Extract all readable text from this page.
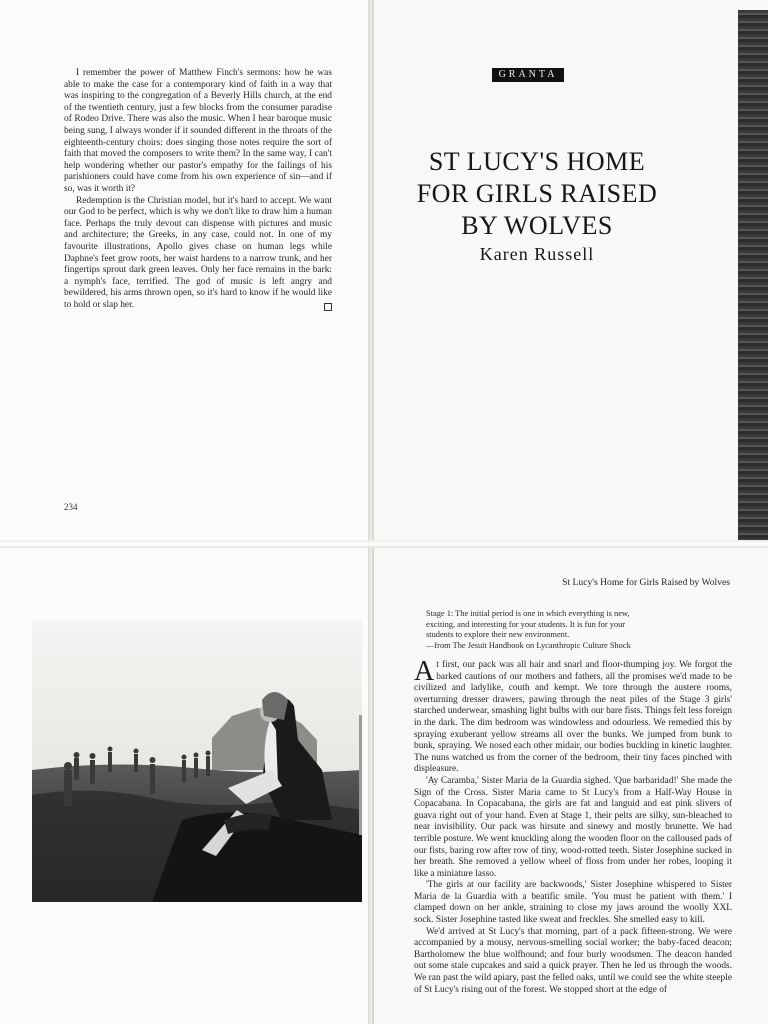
I remember the power of Matthew Finch's sermons: how he was able to make the case for a contemporary kind of faith in a way that was inspiring to the congregation of a Beverly Hills church, at the end of the twentieth century, just a few blocks from the consumer paradise of Rodeo Drive. There was also the music. When I hear baroque music being sung, I always wonder if it sounded different in the throats of the eighteenth-century choirs: does singing those notes require the sort of faith that moved the composers to write them? In the same way, I can't help wondering whether our pastor's empathy for the failings of his parishioners could have come from his own experience of sin—and if so, was it worth it?

Redemption is the Christian model, but it's hard to accept. We want our God to be perfect, which is why we don't like to draw him a human face. Perhaps the truly devout can dispense with pictures and music and architecture; the Greeks, in any case, could not. In one of my favourite illustrations, Apollo gives chase on human legs while Daphne's feet grow roots, her waist hardens to a narrow trunk, and her fingertips sprout dark green leaves. Only her face remains in the bark: a nymph's face, terrified. The god of music is left angry and bewildered, his arms thrown open, so it's hard to know if he would like to hold or slap her.

234
GRANTA
ST LUCY'S HOME
FOR GIRLS RAISED
BY WOLVES
Karen Russell
St Lucy's Home for Girls Raised by Wolves
Stage 1: The initial period is one in which everything is new,
exciting, and interesting for your students. It is fun for your
students to explore their new environment.
—from The Jesuit Handbook on Lycanthropic Culture Shock

At first, our pack was all hair and snarl and floor-thumping joy. We forgot the barked cautions of our mothers and fathers, all the promises we'd made to be civilized and ladylike, couth and kempt. We tore through the austere rooms, overturning dresser drawers, pawing through the neat piles of the Stage 3 girls' starched underwear, smashing light bulbs with our bare fists. Things felt less foreign in the dark. The dim bedroom was windowless and odourless. We remedied this by spraying exuberant yellow streams all over the bunks. We jumped from bunk to bunk, spraying. We nosed each other midair, our bodies buckling in kinetic laughter. The nuns watched us from the corner of the bedroom, their tiny faces pinched with displeasure.

'Ay Caramba,' Sister Maria de la Guardia sighed. 'Que barbaridad!' She made the Sign of the Cross. Sister Maria came to St Lucy's from a Half-Way House in Copacabana. In Copacabana, the girls are fat and languid and eat pink slivers of guava right out of your hand. Even at Stage 1, their pelts are silky, sun-bleached to near invisibility. Our pack was hirsute and sinewy and mostly brunette. We had terrible posture. We went knuckling along the wooden floor on the calloused pads of our fists, baring row after row of tiny, wood-rotted teeth. Sister Josephine sucked in her breath. She removed a yellow wheel of floss from under her robes, looping it like a miniature lasso.

'The girls at our facility are backwoods,' Sister Josephine whispered to Sister Maria de la Guardia with a beatific smile. 'You must be patient with them.' I clamped down on her ankle, straining to close my jaws around the woolly XXL sock. Sister Josephine tasted like sweat and freckles. She smelled easy to kill.

We'd arrived at St Lucy's that morning, part of a pack fifteen-strong. We were accompanied by a mousy, nervous-smelling social worker; the baby-faced deacon; Bartholomew the blue wolfhound; and four burly woodsmen. The deacon handed out some stale cupcakes and said a quick prayer. Then he led us through the woods. We ran past the wild apiary, past the felled oaks, until we could see the white steeple of St Lucy's rising out of the forest. We stopped short at the edge of
